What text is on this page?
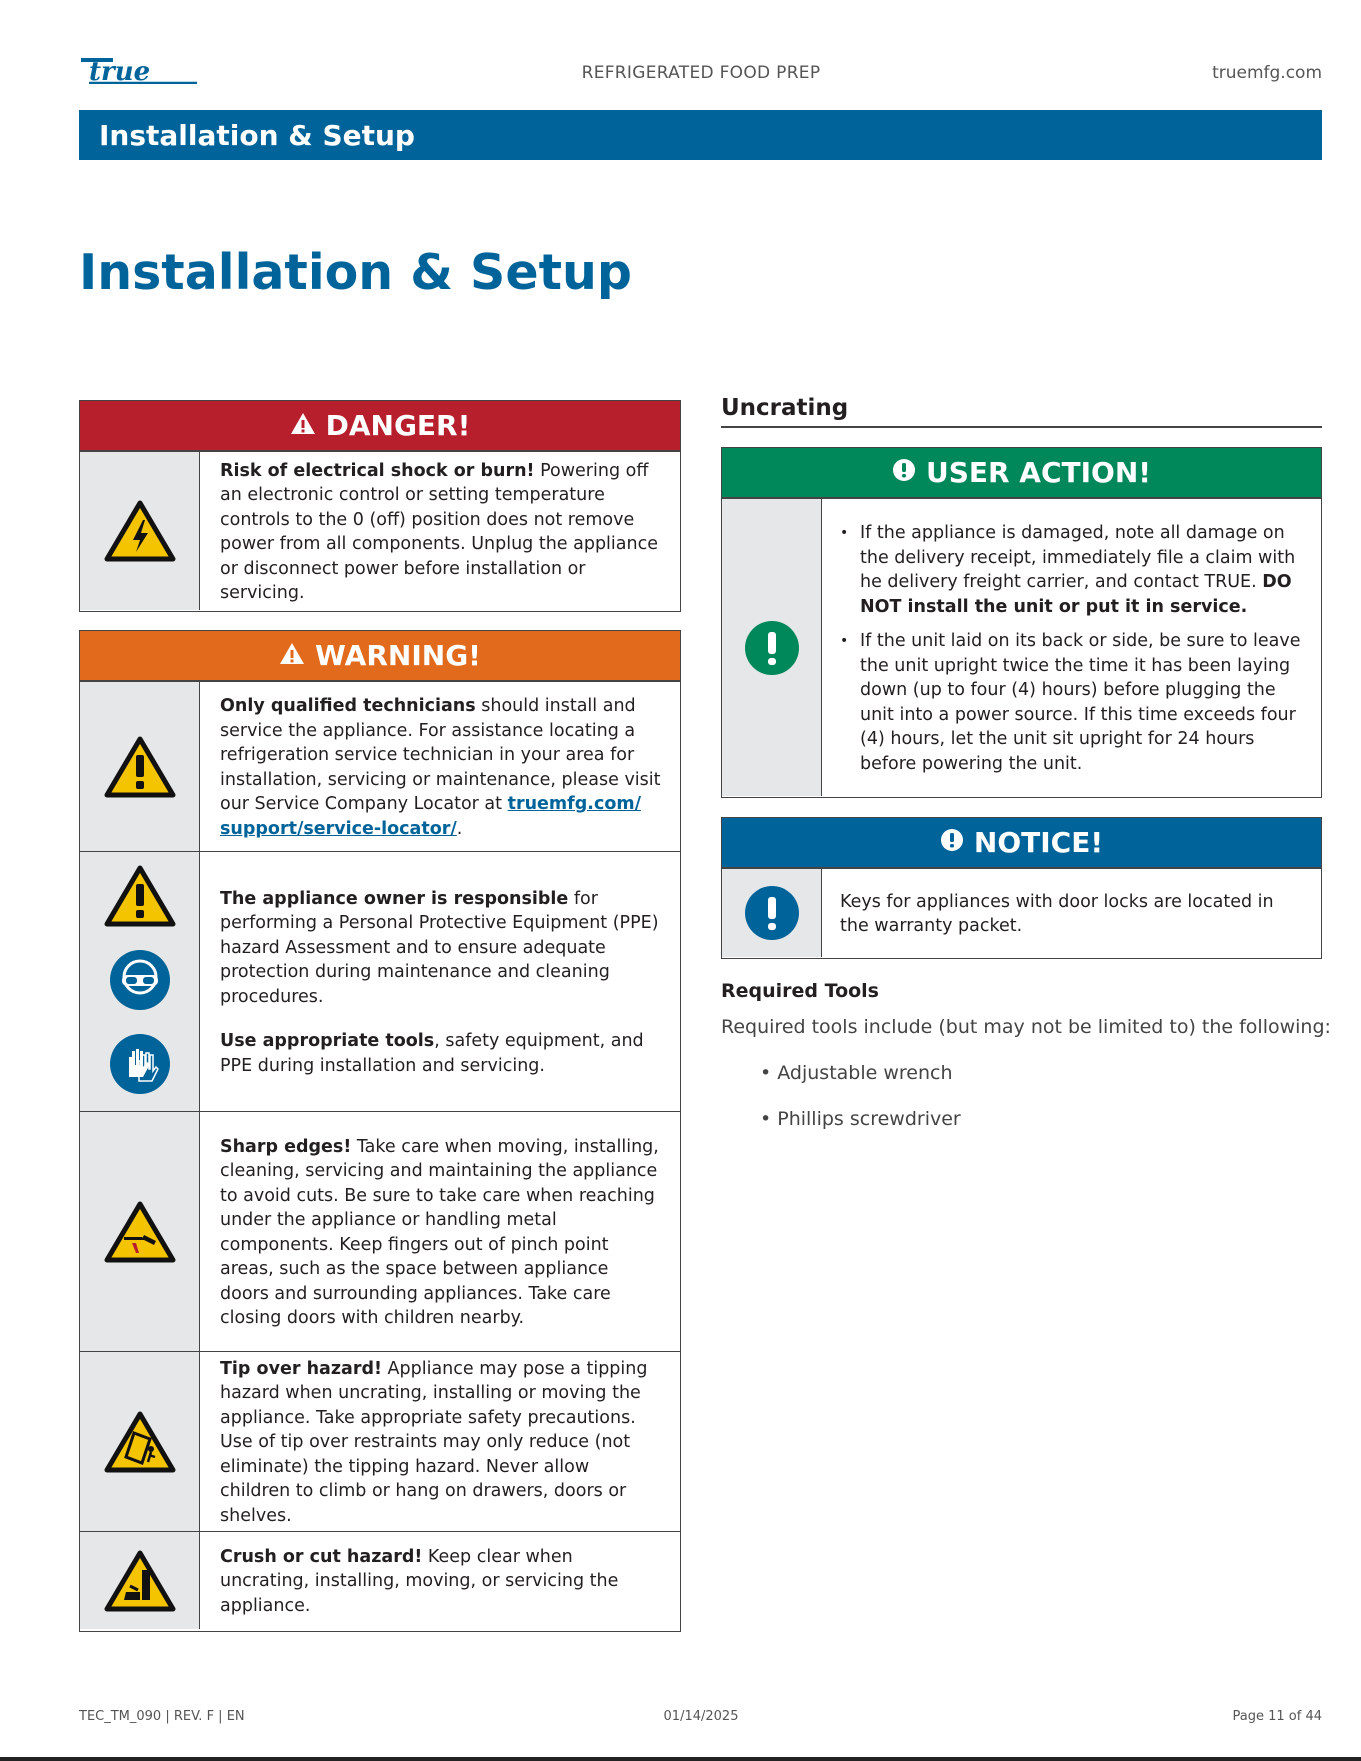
true	REFRIGERATED FOOD PREP	truemfg.com
Installation & Setup
Installation & Setup
DANGER!

Risk of electrical shock or burn! Powering off an electronic control or setting temperature controls to the 0 (off) position does not remove power from all components. Unplug the appliance or disconnect power before installation or servicing.

WARNING!

Only qualified technicians should install and service the appliance. For assistance locating a refrigeration service technician in your area for installation, servicing or maintenance, please visit our Service Company Locator at truemfg.com/ support/service-locator/.

The appliance owner is responsible for performing a Personal Protective Equipment (PPE) hazard Assessment and to ensure adequate protection during maintenance and cleaning procedures.

Use appropriate tools, safety equipment, and PPE during installation and servicing.

Sharp edges! Take care when moving, installing, cleaning, servicing and maintaining the appliance to avoid cuts. Be sure to take care when reaching under the appliance or handling metal components. Keep fingers out of pinch point areas, such as the space between appliance doors and surrounding appliances. Take care closing doors with children nearby.

Tip over hazard! Appliance may pose a tipping hazard when uncrating, installing or moving the appliance. Take appropriate safety precautions. Use of tip over restraints may only reduce (not eliminate) the tipping hazard. Never allow children to climb or hang on drawers, doors or shelves.

Crush or cut hazard! Keep clear when uncrating, installing, moving, or servicing the appliance.

Uncrating
USER ACTION!
• If the appliance is damaged, note all damage on the delivery receipt, immediately file a claim with he delivery freight carrier, and contact TRUE. DO NOT install the unit or put it in service.
• If the unit laid on its back or side, be sure to leave the unit upright twice the time it has been laying down (up to four (4) hours) before plugging the unit into a power source. If this time exceeds four (4) hours, let the unit sit upright for 24 hours before powering the unit.
NOTICE!

Keys for appliances with door locks are located in the warranty packet.

Required Tools
Required tools include (but may not be limited to) the following:
• Adjustable wrench
• Phillips screwdriver
TEC_TM_090 | REV. F | EN	01/14/2025	Page 11 of 44
